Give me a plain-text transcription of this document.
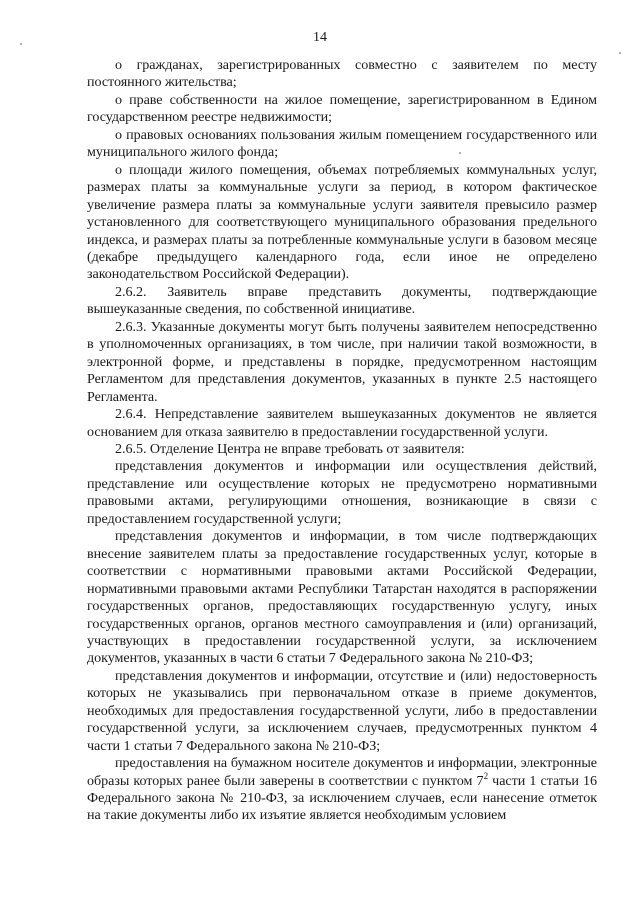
14

о гражданах, зарегистрированных совместно с заявителем по месту постоянного жительства;

о праве собственности на жилое помещение, зарегистрированном в Едином государственном реестре недвижимости;

о правовых основаниях пользования жилым помещением государственного или муниципального жилого фонда;

о площади жилого помещения, объемах потребляемых коммунальных услуг, размерах платы за коммунальные услуги за период, в котором фактическое увеличение размера платы за коммунальные услуги заявителя превысило размер установленного для соответствующего муниципального образования предельного индекса, и размерах платы за потребленные коммунальные услуги в базовом месяце (декабре предыдущего календарного года, если иное не определено законодательством Российской Федерации).

2.6.2. Заявитель вправе представить документы, подтверждающие вышеуказанные сведения, по собственной инициативе.

2.6.3. Указанные документы могут быть получены заявителем непосредственно в уполномоченных организациях, в том числе, при наличии такой возможности, в электронной форме, и представлены в порядке, предусмотренном настоящим Регламентом для представления документов, указанных в пункте 2.5 настоящего Регламента.

2.6.4. Непредставление заявителем вышеуказанных документов не является основанием для отказа заявителю в предоставлении государственной услуги.

2.6.5. Отделение Центра не вправе требовать от заявителя:

представления документов и информации или осуществления действий, представление или осуществление которых не предусмотрено нормативными правовыми актами, регулирующими отношения, возникающие в связи с предоставлением государственной услуги;

представления документов и информации, в том числе подтверждающих внесение заявителем платы за предоставление государственных услуг, которые в соответствии с нормативными правовыми актами Российской Федерации, нормативными правовыми актами Республики Татарстан находятся в распоряжении государственных органов, предоставляющих государственную услугу, иных государственных органов, органов местного самоуправления и (или) организаций, участвующих в предоставлении государственной услуги, за исключением документов, указанных в части 6 статьи 7 Федерального закона № 210-ФЗ;

представления документов и информации, отсутствие и (или) недостоверность которых не указывались при первоначальном отказе в приеме документов, необходимых для предоставления государственной услуги, либо в предоставлении государственной услуги, за исключением случаев, предусмотренных пунктом 4 части 1 статьи 7 Федерального закона № 210-ФЗ;

предоставления на бумажном носителе документов и информации, электронные образы которых ранее были заверены в соответствии с пунктом $7^2$ части 1 статьи 16 Федерального закона № 210-ФЗ, за исключением случаев, если нанесение отметок на такие документы либо их изъятие является необходимым условием
